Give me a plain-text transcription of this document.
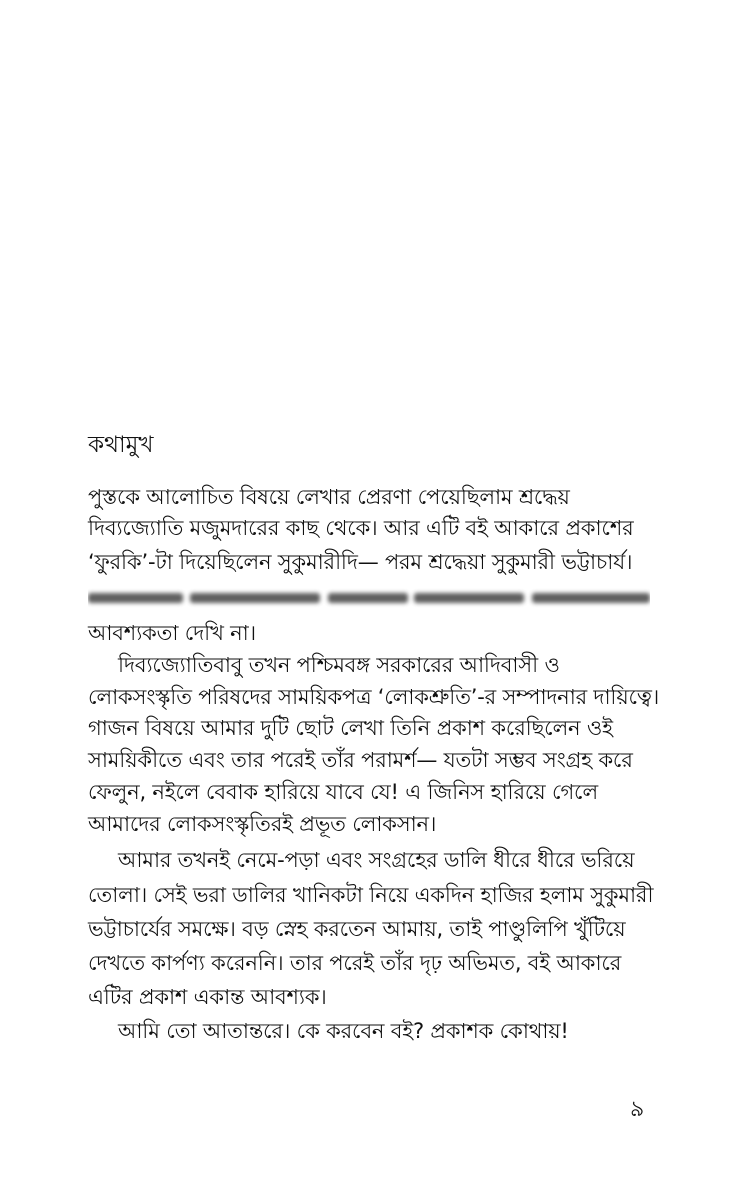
কথামুখ
পুস্তকে আলোচিত বিষয়ে লেখার প্রেরণা পেয়েছিলাম শ্রদ্ধেয়
দিব্যজ্যোতি মজুমদারের কাছ থেকে। আর এটি বই আকারে প্রকাশের
‘ফুরকি’-টা দিয়েছিলেন সুকুমারীদি— পরম শ্রদ্ধেয়া সুকুমারী ভট্টাচার্য।
আবশ্যকতা দেখি না।
দিব্যজ্যোতিবাবু তখন পশ্চিমবঙ্গ সরকারের আদিবাসী ও
লোকসংস্কৃতি পরিষদের সাময়িকপত্র ‘লোকশ্রুতি’-র সম্পাদনার দায়িত্বে।
গাজন বিষয়ে আমার দুটি ছোট লেখা তিনি প্রকাশ করেছিলেন ওই
সাময়িকীতে এবং তার পরেই তাঁর পরামর্শ— যতটা সম্ভব সংগ্রহ করে
ফেলুন, নইলে বেবাক হারিয়ে যাবে যে! এ জিনিস হারিয়ে গেলে
আমাদের লোকসংস্কৃতিরই প্রভূত লোকসান।
আমার তখনই নেমে-পড়া এবং সংগ্রহের ডালি ধীরে ধীরে ভরিয়ে
তোলা। সেই ভরা ডালির খানিকটা নিয়ে একদিন হাজির হলাম সুকুমারী
ভট্টাচার্যের সমক্ষে। বড় স্নেহ করতেন আমায়, তাই পাণ্ডুলিপি খুঁটিয়ে
দেখতে কার্পণ্য করেননি। তার পরেই তাঁর দৃঢ় অভিমত, বই আকারে
এটির প্রকাশ একান্ত আবশ্যক।
আমি তো আতান্তরে। কে করবেন বই? প্রকাশক কোথায়!
৯
